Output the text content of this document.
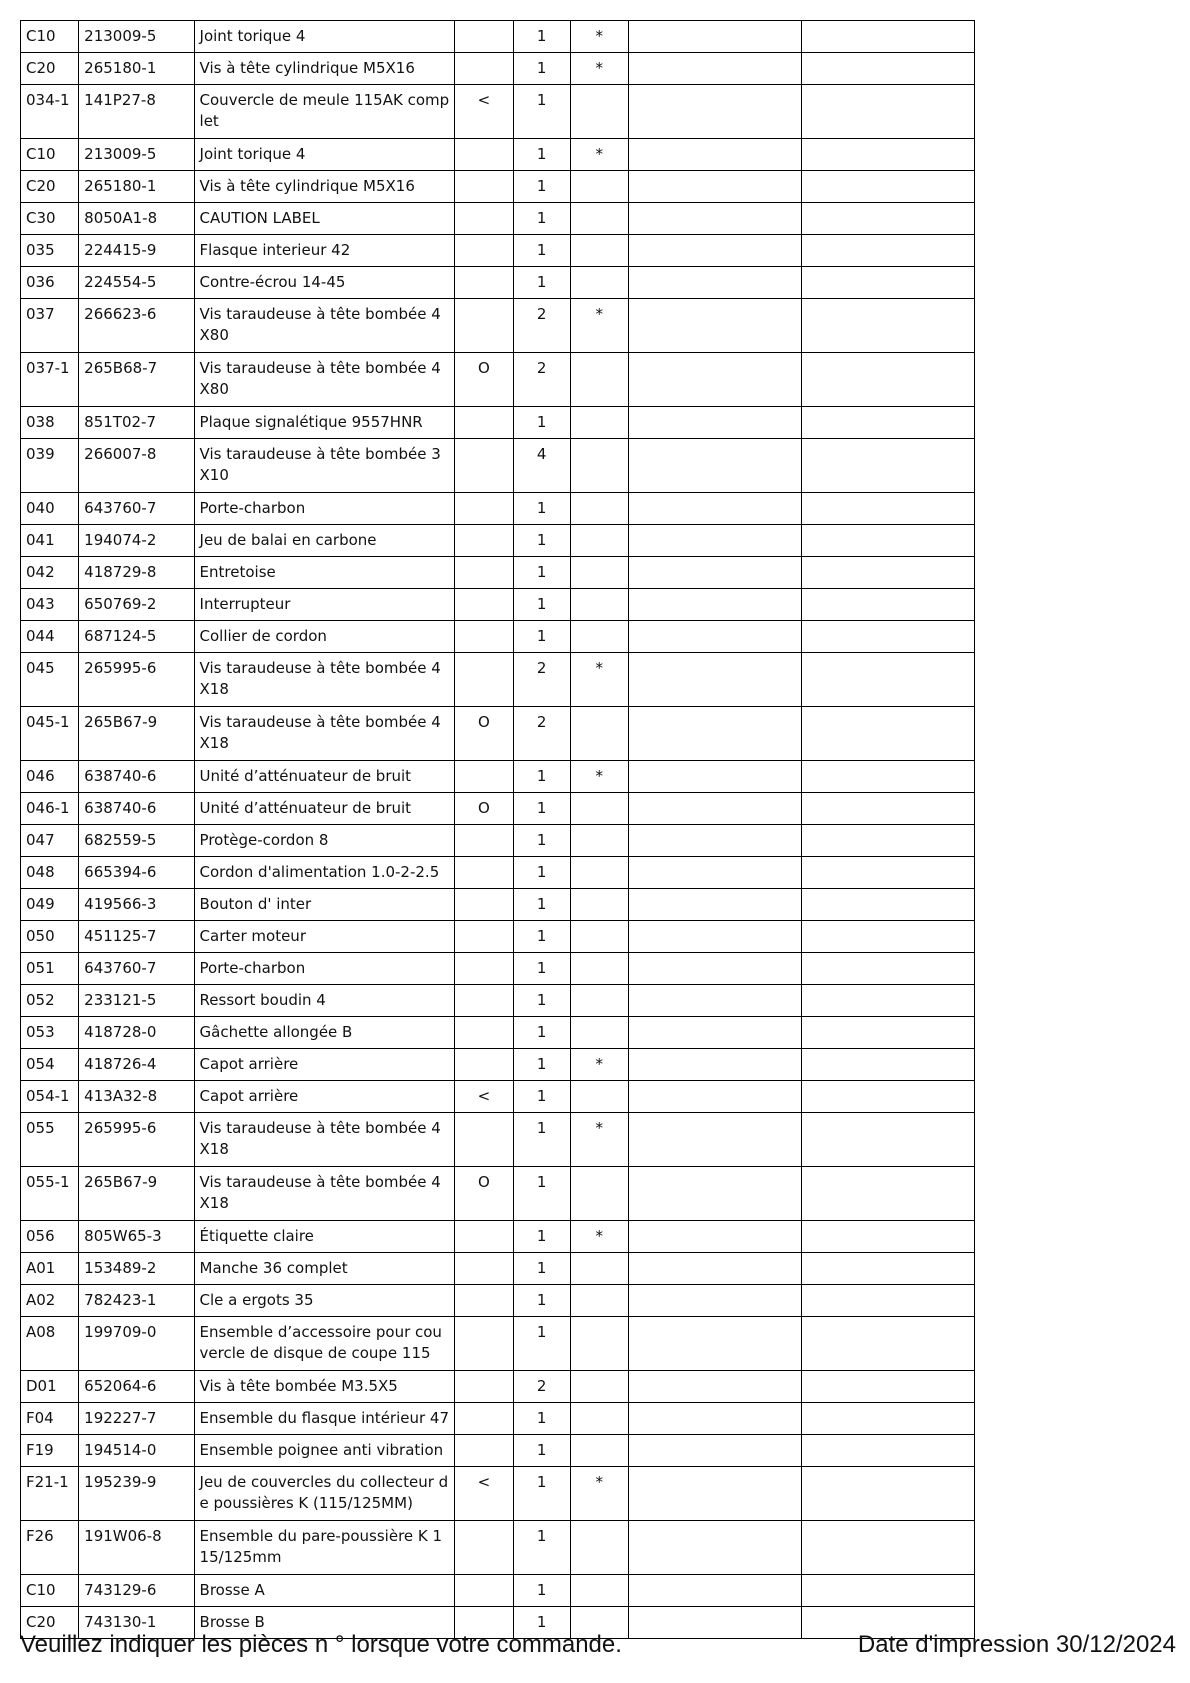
C10	213009-5	Joint torique 4		1	*		
C20	265180-1	Vis à tête cylindrique M5X16		1	*		
034-1	141P27-8	Couvercle de meule 115AK complet	<	1			
C10	213009-5	Joint torique 4		1	*		
C20	265180-1	Vis à tête cylindrique M5X16		1			
C30	8050A1-8	CAUTION LABEL		1			
035	224415-9	Flasque interieur 42		1			
036	224554-5	Contre-écrou 14-45		1			
037	266623-6	Vis taraudeuse à tête bombée 4X80		2	*		
037-1	265B68-7	Vis taraudeuse à tête bombée 4X80	O	2			
038	851T02-7	Plaque signalétique 9557HNR		1			
039	266007-8	Vis taraudeuse à tête bombée 3X10		4			
040	643760-7	Porte-charbon		1			
041	194074-2	Jeu de balai en carbone		1			
042	418729-8	Entretoise		1			
043	650769-2	Interrupteur		1			
044	687124-5	Collier de cordon		1			
045	265995-6	Vis taraudeuse à tête bombée 4X18		2	*		
045-1	265B67-9	Vis taraudeuse à tête bombée 4X18	O	2			
046	638740-6	Unité d’atténuateur de bruit		1	*		
046-1	638740-6	Unité d’atténuateur de bruit	O	1			
047	682559-5	Protège-cordon 8		1			
048	665394-6	Cordon d'alimentation 1.0-2-2.5		1			
049	419566-3	Bouton d' inter		1			
050	451125-7	Carter moteur		1			
051	643760-7	Porte-charbon		1			
052	233121-5	Ressort boudin 4		1			
053	418728-0	Gâchette allongée B		1			
054	418726-4	Capot arrière		1	*		
054-1	413A32-8	Capot arrière	<	1			
055	265995-6	Vis taraudeuse à tête bombée 4X18		1	*		
055-1	265B67-9	Vis taraudeuse à tête bombée 4X18	O	1			
056	805W65-3	Étiquette claire		1	*		
A01	153489-2	Manche 36 complet		1			
A02	782423-1	Cle a ergots 35		1			
A08	199709-0	Ensemble d’accessoire pour couvercle de disque de coupe 115		1			
D01	652064-6	Vis à tête bombée M3.5X5		2			
F04	192227-7	Ensemble du flasque intérieur 47		1			
F19	194514-0	Ensemble poignee anti vibration		1			
F21-1	195239-9	Jeu de couvercles du collecteur de poussières K (115/125MM)	<	1	*		
F26	191W06-8	Ensemble du pare-poussière K 115/125mm		1			
C10	743129-6	Brosse A		1			
C20	743130-1	Brosse B		1			
Veuillez indiquer les pièces n ° lorsque votre commande.	Date d'impression 30/12/2024
